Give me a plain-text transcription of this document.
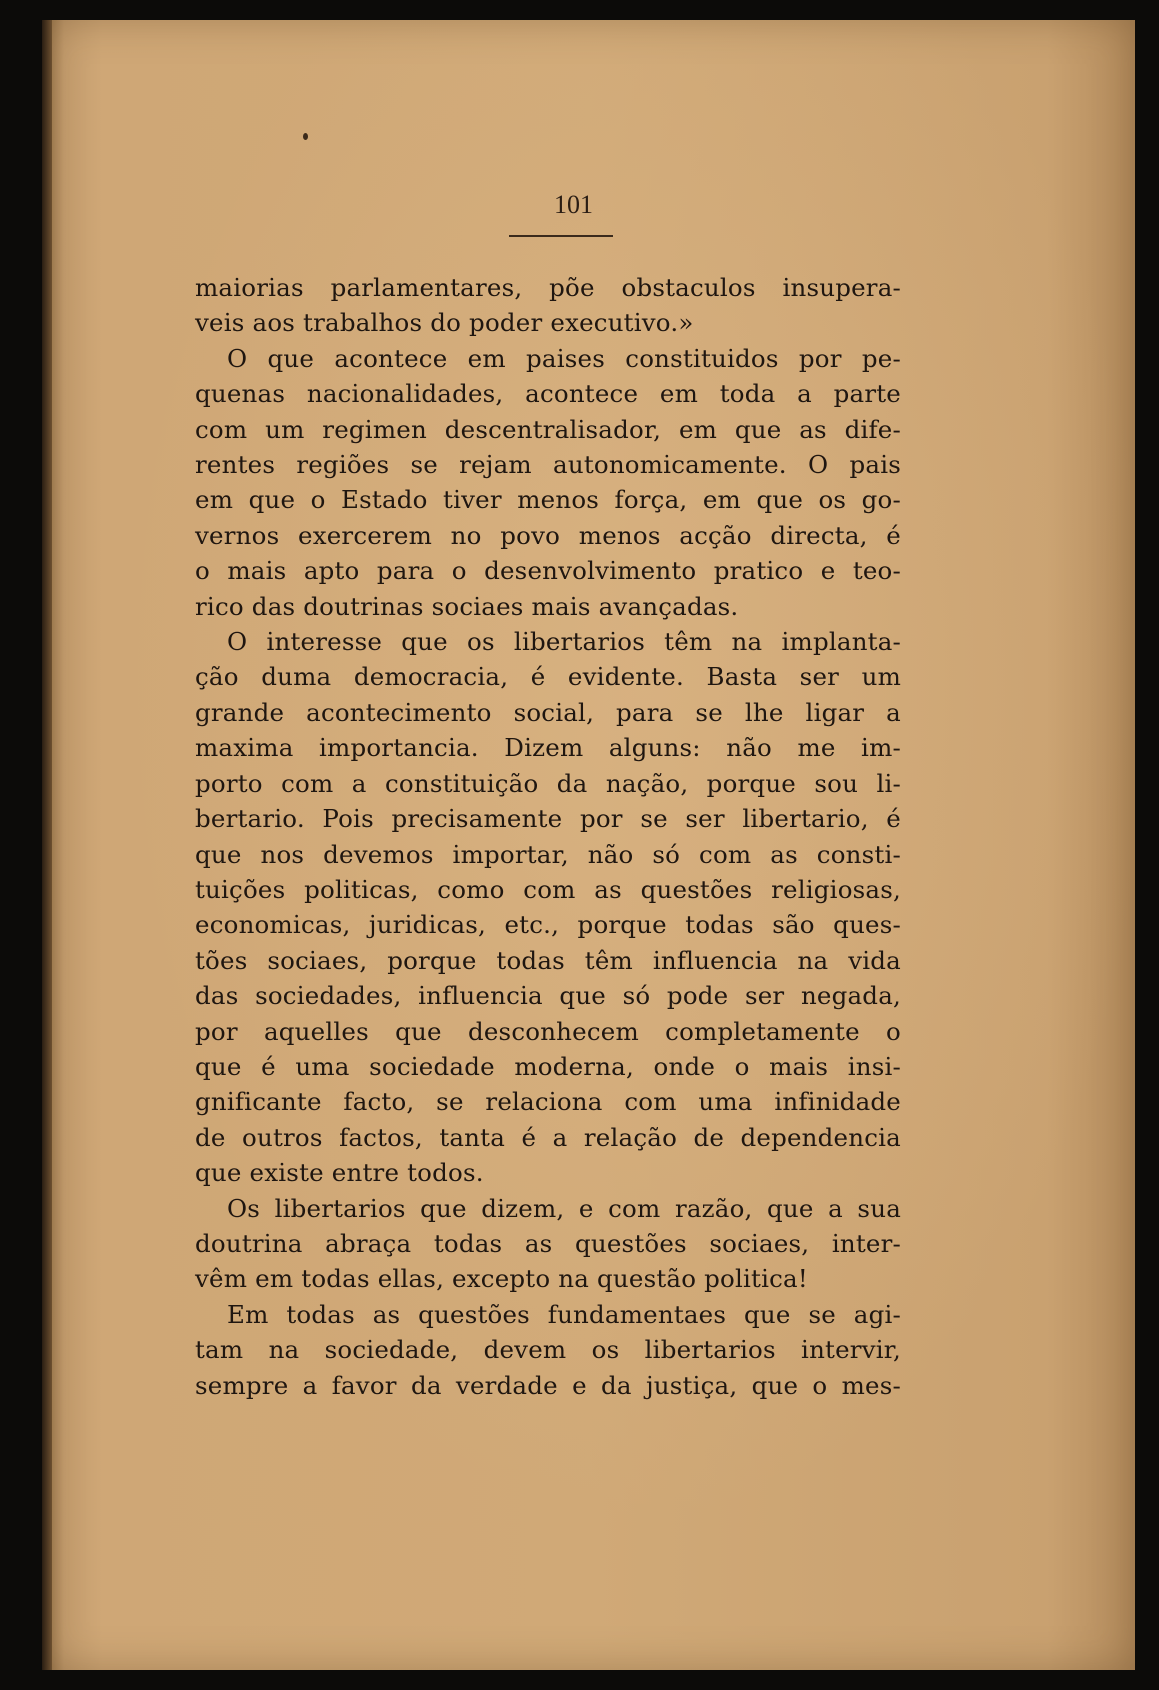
101
maiorias parlamentares, põe obstaculos insupera-
veis aos trabalhos do poder executivo.»
O que acontece em paises constituidos por pe-
quenas nacionalidades, acontece em toda a parte
com um regimen descentralisador, em que as dife-
rentes regiões se rejam autonomicamente. O pais
em que o Estado tiver menos força, em que os go-
vernos exercerem no povo menos acção directa, é
o mais apto para o desenvolvimento pratico e teo-
rico das doutrinas sociaes mais avançadas.
O interesse que os libertarios têm na implanta-
ção duma democracia, é evidente. Basta ser um
grande acontecimento social, para se lhe ligar a
maxima importancia. Dizem alguns: não me im-
porto com a constituição da nação, porque sou li-
bertario. Pois precisamente por se ser libertario, é
que nos devemos importar, não só com as consti-
tuições politicas, como com as questões religiosas,
economicas, juridicas, etc., porque todas são ques-
tões sociaes, porque todas têm influencia na vida
das sociedades, influencia que só pode ser negada,
por aquelles que desconhecem completamente o
que é uma sociedade moderna, onde o mais insi-
gnificante facto, se relaciona com uma infinidade
de outros factos, tanta é a relação de dependencia
que existe entre todos.
Os libertarios que dizem, e com razão, que a sua
doutrina abraça todas as questões sociaes, inter-
vêm em todas ellas, excepto na questão politica!
Em todas as questões fundamentaes que se agi-
tam na sociedade, devem os libertarios intervir,
sempre a favor da verdade e da justiça, que o mes-
